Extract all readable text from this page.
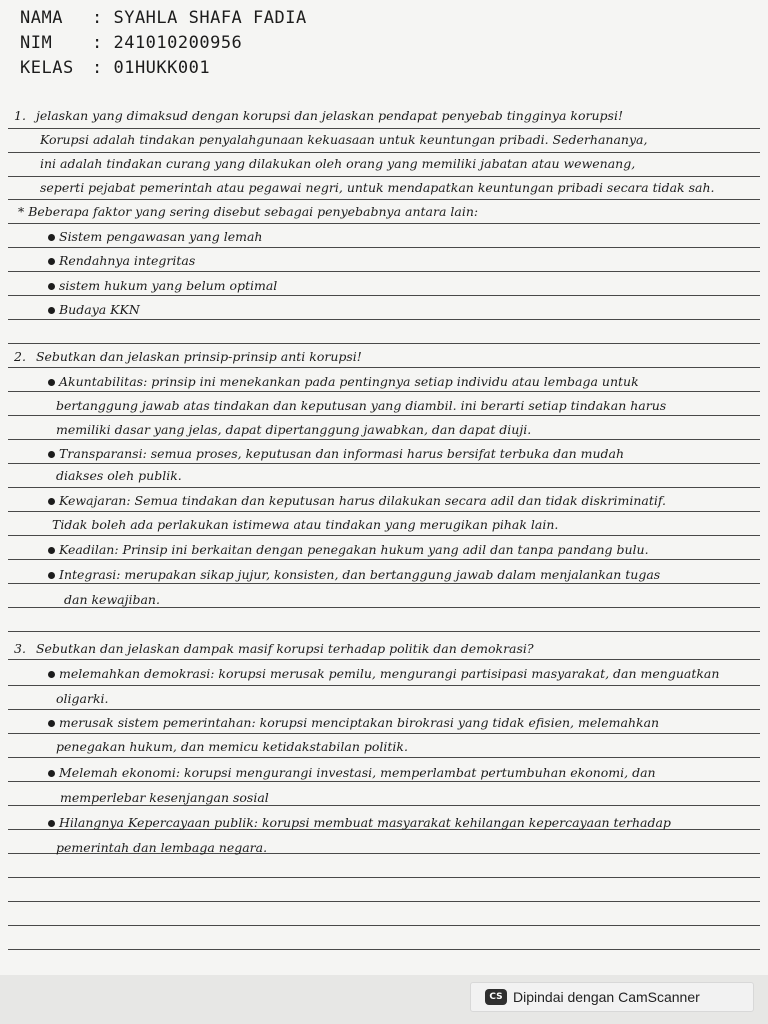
NAMA	: SYAHLA SHAFA FADIA
NIM	: 241010200956
KELAS	: 01HUKK001
1. jelaskan yang dimaksud dengan korupsi dan jelaskan pendapat penyebab tingginya korupsi!
Korupsi adalah tindakan penyalahgunaan kekuasaan untuk keuntungan pribadi. Sederhananya,
ini adalah tindakan curang yang dilakukan oleh orang yang memiliki jabatan atau wewenang,
seperti pejabat pemerintah atau pegawai negri, untuk mendapatkan keuntungan pribadi secara tidak sah.
* Beberapa faktor yang sering disebut sebagai penyebabnya antara lain:
Sistem pengawasan yang lemah
Rendahnya integritas
sistem hukum yang belum optimal
Budaya KKN
2. Sebutkan dan jelaskan prinsip-prinsip anti korupsi!
Akuntabilitas: prinsip ini menekankan pada pentingnya setiap individu atau lembaga untuk
bertanggung jawab atas tindakan dan keputusan yang diambil. ini berarti setiap tindakan harus
memiliki dasar yang jelas, dapat dipertanggung jawabkan, dan dapat diuji.
Transparansi: semua proses, keputusan dan informasi harus bersifat terbuka dan mudah
diakses oleh publik.
Kewajaran: Semua tindakan dan keputusan harus dilakukan secara adil dan tidak diskriminatif.
Tidak boleh ada perlakukan istimewa atau tindakan yang merugikan pihak lain.
Keadilan: Prinsip ini berkaitan dengan penegakan hukum yang adil dan tanpa pandang bulu.
Integrasi: merupakan sikap jujur, konsisten, dan bertanggung jawab dalam menjalankan tugas
dan kewajiban.
3. Sebutkan dan jelaskan dampak masif korupsi terhadap politik dan demokrasi?
melemahkan demokrasi: korupsi merusak pemilu, mengurangi partisipasi masyarakat, dan menguatkan
oligarki.
merusak sistem pemerintahan: korupsi menciptakan birokrasi yang tidak efisien, melemahkan
penegakan hukum, dan memicu ketidakstabilan politik.
Melemah ekonomi: korupsi mengurangi investasi, memperlambat pertumbuhan ekonomi, dan
memperlebar kesenjangan sosial
Hilangnya Kepercayaan publik: korupsi membuat masyarakat kehilangan kepercayaan terhadap
pemerintah dan lembaga negara.
CS Dipindai dengan CamScanner
